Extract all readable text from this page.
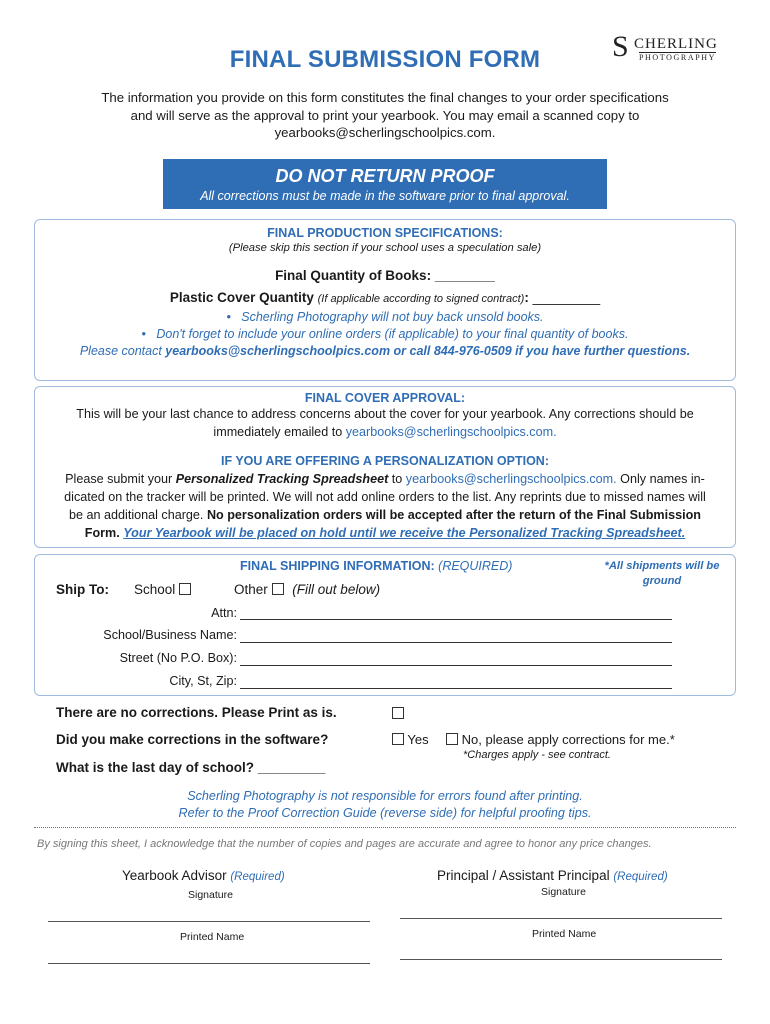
FINAL SUBMISSION FORM	S CHERLING
PHOTOGRAPHY
The information you provide on this form constitutes the final changes to your order specifications
and will serve as the approval to print your yearbook. You may email a scanned copy to
yearbooks@scherlingschoolpics.com.
DO NOT RETURN PROOF
All corrections must be made in the software prior to final approval.
FINAL PRODUCTION SPECIFICATIONS:
(Please skip this section if your school uses a speculation sale)
Final Quantity of Books: ________
Plastic Cover Quantity (If applicable according to signed contract): _________
•   Scherling Photography will not buy back unsold books.
•   Don't forget to include your online orders (if applicable) to your final quantity of books.
Please contact yearbooks@scherlingschoolpics.com or call 844-976-0509 if you have further questions.
FINAL COVER APPROVAL:
This will be your last chance to address concerns about the cover for your yearbook. Any corrections should be
immediately emailed to yearbooks@scherlingschoolpics.com.
IF YOU ARE OFFERING A PERSONALIZATION OPTION:
Please submit your Personalized Tracking Spreadsheet to yearbooks@scherlingschoolpics.com. Only names in-
dicated on the tracker will be printed. We will not add online orders to the list. Any reprints due to missed names will
be an additional charge. No personalization orders will be accepted after the return of the Final Submission
Form. Your Yearbook will be placed on hold until we receive the Personalized Tracking Spreadsheet.
FINAL SHIPPING INFORMATION: (REQUIRED)	*All shipments will be
ground
Ship To: School	Other (Fill out below)
Attn:
School/Business Name:
Street (No P.O. Box):
City, St, Zip:
There are no corrections. Please Print as is.
Did you make corrections in the software?	Yes	No, please apply corrections for me.*
*Charges apply - see contract.
What is the last day of school? _________
Scherling Photography is not responsible for errors found after printing.
Refer to the Proof Correction Guide (reverse side) for helpful proofing tips.
By signing this sheet, I acknowledge that the number of copies and pages are accurate and agree to honor any price changes.
Yearbook Advisor (Required)
Signature
Printed Name
Principal / Assistant Principal (Required)
Signature
Printed Name
